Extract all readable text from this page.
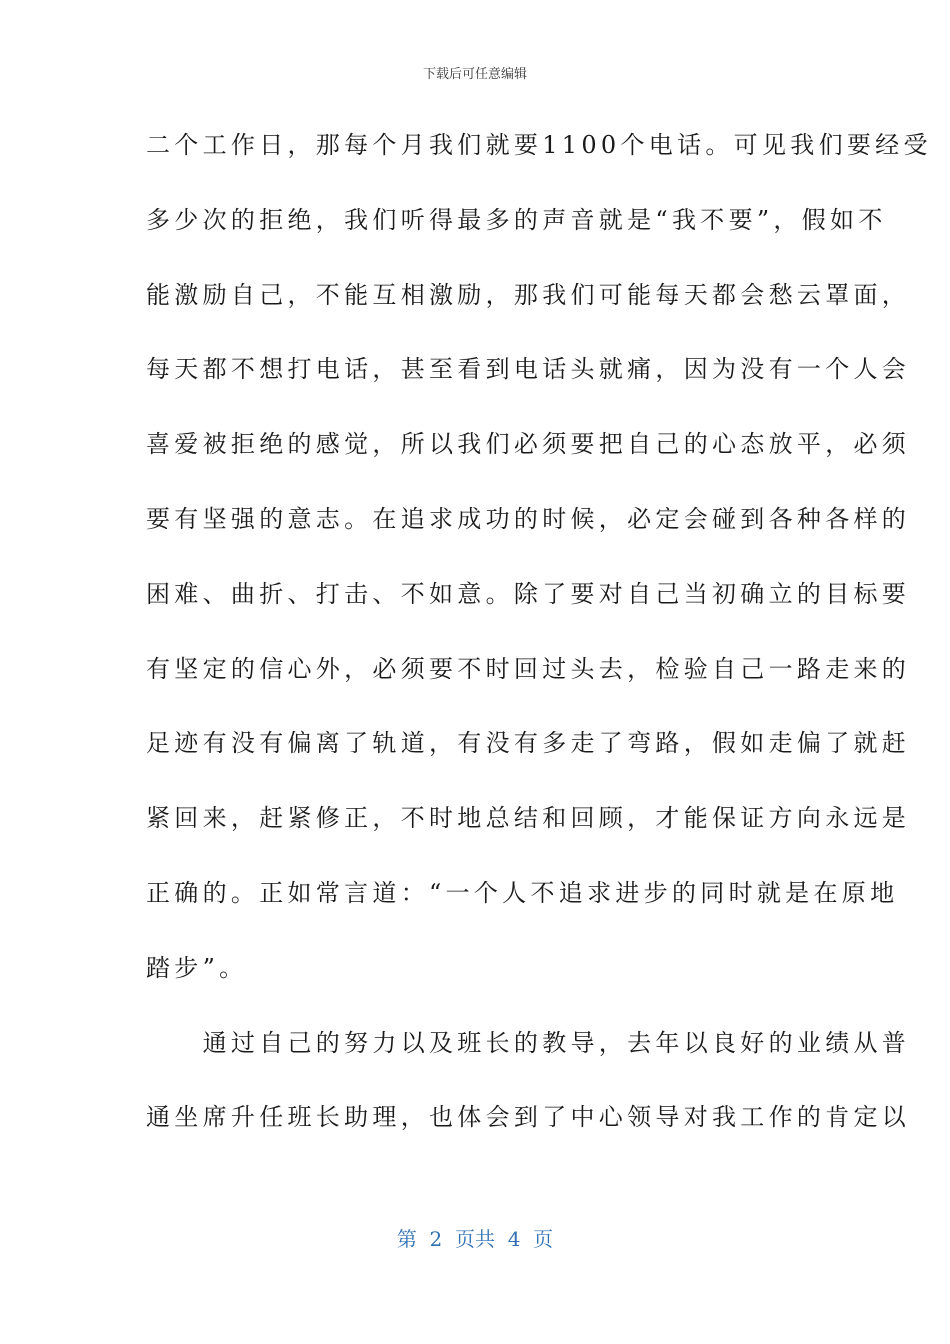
下载后可任意编辑
二个工作日，那每个月我们就要1100个电话。可见我们要经受
多少次的拒绝，我们听得最多的声音就是“我不要”，假如不
能激励自己，不能互相激励，那我们可能每天都会愁云罩面，
每天都不想打电话，甚至看到电话头就痛，因为没有一个人会
喜爱被拒绝的感觉，所以我们必须要把自己的心态放平，必须
要有坚强的意志。在追求成功的时候，必定会碰到各种各样的
困难、曲折、打击、不如意。除了要对自己当初确立的目标要
有坚定的信心外，必须要不时回过头去，检验自己一路走来的
足迹有没有偏离了轨道，有没有多走了弯路，假如走偏了就赶
紧回来，赶紧修正，不时地总结和回顾，才能保证方向永远是
正确的。正如常言道：“一个人不追求进步的同时就是在原地
踏步”。
　　通过自己的努力以及班长的教导，去年以良好的业绩从普
通坐席升任班长助理，也体会到了中心领导对我工作的肯定以
第  2  页共  4  页
